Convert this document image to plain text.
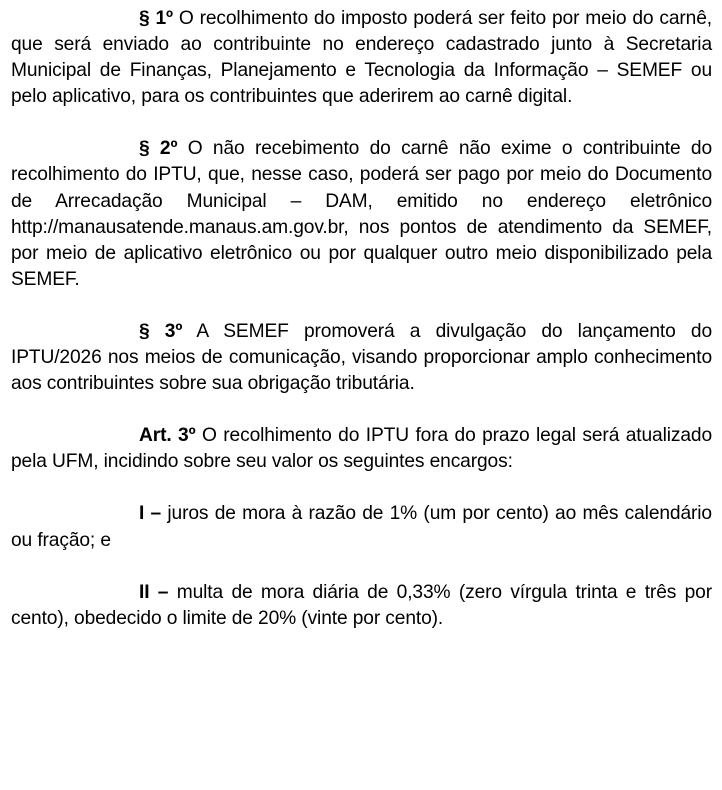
§ 1º O recolhimento do imposto poderá ser feito por meio do carnê, que será enviado ao contribuinte no endereço cadastrado junto à Secretaria Municipal de Finanças, Planejamento e Tecnologia da Informação – SEMEF ou pelo aplicativo, para os contribuintes que aderirem ao carnê digital.

§ 2º O não recebimento do carnê não exime o contribuinte do recolhimento do IPTU, que, nesse caso, poderá ser pago por meio do Documento de Arrecadação Municipal – DAM, emitido no endereço eletrônico http://manausatende.manaus.am.gov.br, nos pontos de atendimento da SEMEF, por meio de aplicativo eletrônico ou por qualquer outro meio disponibilizado pela SEMEF.

§ 3º A SEMEF promoverá a divulgação do lançamento do IPTU/2026 nos meios de comunicação, visando proporcionar amplo conhecimento aos contribuintes sobre sua obrigação tributária.

Art. 3º O recolhimento do IPTU fora do prazo legal será atualizado pela UFM, incidindo sobre seu valor os seguintes encargos:

I – juros de mora à razão de 1% (um por cento) ao mês calendário ou fração; e

II – multa de mora diária de 0,33% (zero vírgula trinta e três por cento), obedecido o limite de 20% (vinte por cento).
